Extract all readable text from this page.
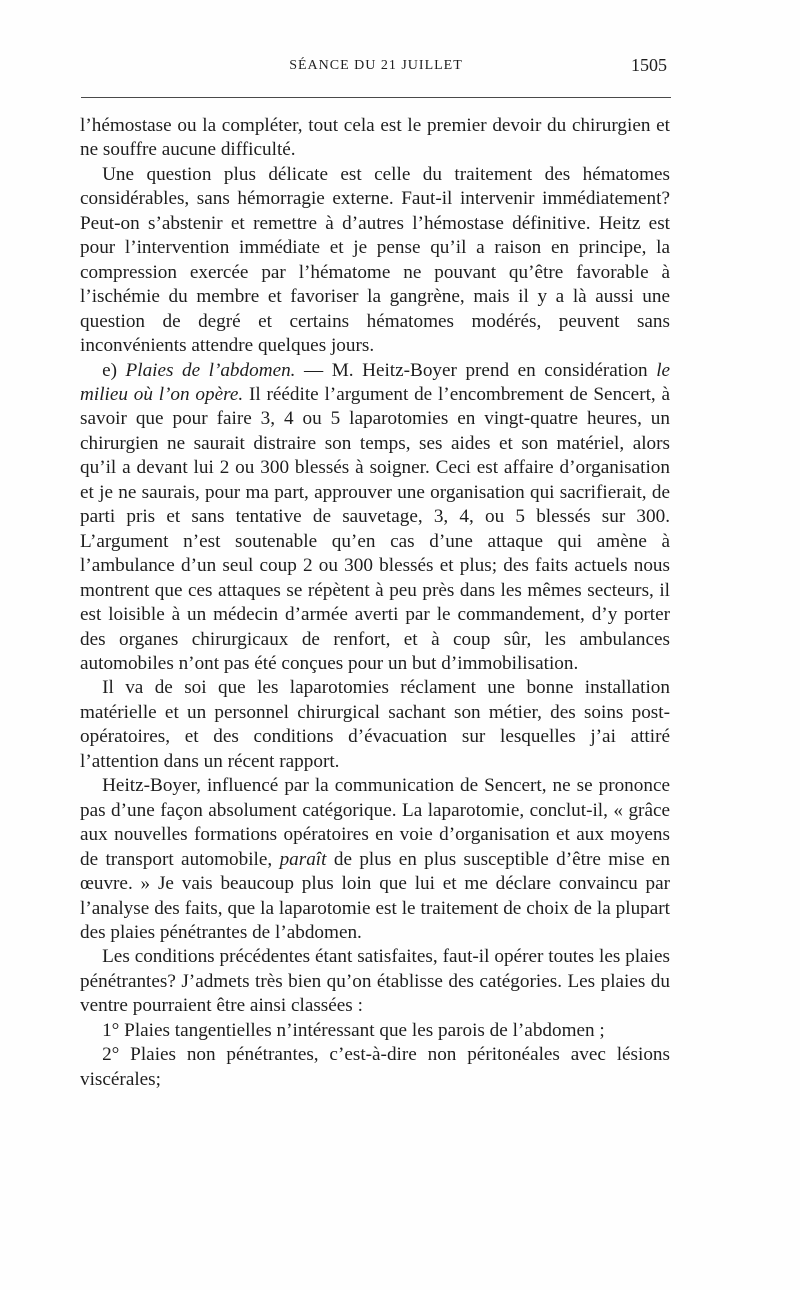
SÉANCE DU 21 JUILLET	1505

l’hémostase ou la compléter, tout cela est le premier devoir du chirurgien et ne souffre aucune difficulté.

Une question plus délicate est celle du traitement des hématomes considérables, sans hémorragie externe. Faut-il intervenir immédiatement? Peut-on s’abstenir et remettre à d’autres l’hémostase définitive. Heitz est pour l’intervention immédiate et je pense qu’il a raison en principe, la compression exercée par l’hématome ne pouvant qu’être favorable à l’ischémie du membre et favoriser la gangrène, mais il y a là aussi une question de degré et certains hématomes modérés, peuvent sans inconvénients attendre quelques jours.

e) Plaies de l’abdomen. — M. Heitz-Boyer prend en considération le milieu où l’on opère. Il réédite l’argument de l’encombrement de Sencert, à savoir que pour faire 3, 4 ou 5 laparotomies en vingt-quatre heures, un chirurgien ne saurait distraire son temps, ses aides et son matériel, alors qu’il a devant lui 2 ou 300 blessés à soigner. Ceci est affaire d’organisation et je ne saurais, pour ma part, approuver une organisation qui sacrifierait, de parti pris et sans tentative de sauvetage, 3, 4, ou 5 blessés sur 300. L’argument n’est soutenable qu’en cas d’une attaque qui amène à l’ambulance d’un seul coup 2 ou 300 blessés et plus; des faits actuels nous montrent que ces attaques se répètent à peu près dans les mêmes secteurs, il est loisible à un médecin d’armée averti par le commandement, d’y porter des organes chirurgicaux de renfort, et à coup sûr, les ambulances automobiles n’ont pas été conçues pour un but d’immobilisation.

Il va de soi que les laparotomies réclament une bonne installation matérielle et un personnel chirurgical sachant son métier, des soins post-opératoires, et des conditions d’évacuation sur lesquelles j’ai attiré l’attention dans un récent rapport.

Heitz-Boyer, influencé par la communication de Sencert, ne se prononce pas d’une façon absolument catégorique. La laparotomie, conclut-il, « grâce aux nouvelles formations opératoires en voie d’organisation et aux moyens de transport automobile, paraît de plus en plus susceptible d’être mise en œuvre. » Je vais beaucoup plus loin que lui et me déclare convaincu par l’analyse des faits, que la laparotomie est le traitement de choix de la plupart des plaies pénétrantes de l’abdomen.

Les conditions précédentes étant satisfaites, faut-il opérer toutes les plaies pénétrantes? J’admets très bien qu’on établisse des catégories. Les plaies du ventre pourraient être ainsi classées :

1° Plaies tangentielles n’intéressant que les parois de l’abdomen ;

2° Plaies non pénétrantes, c’est-à-dire non péritonéales avec lésions viscérales;
